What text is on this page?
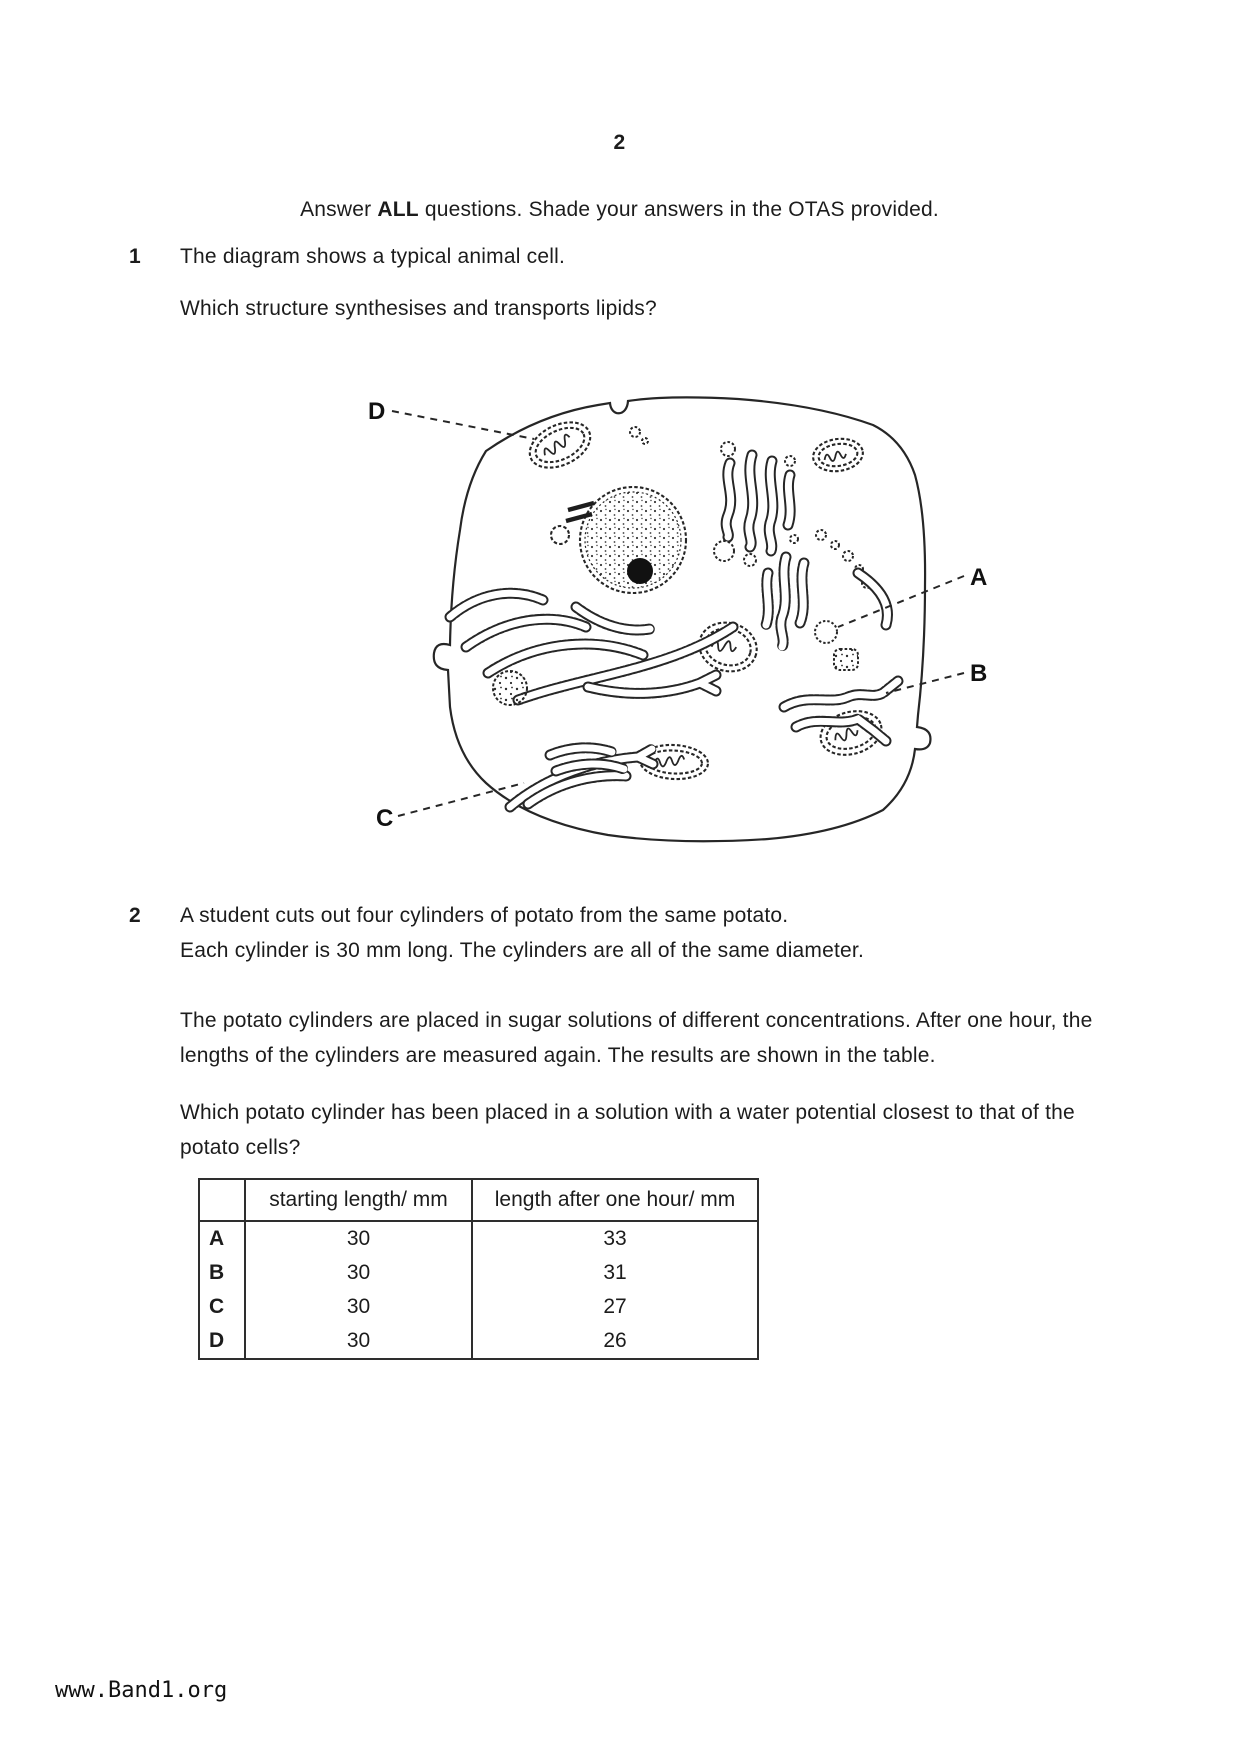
2
Answer ALL questions. Shade your answers in the OTAS provided.
1 The diagram shows a typical animal cell.
Which structure synthesises and transports lipids?
D
A
B
C
2 A student cuts out four cylinders of potato from the same potato.
Each cylinder is 30 mm long. The cylinders are all of the same diameter.
The potato cylinders are placed in sugar solutions of different concentrations. After one hour, the
lengths of the cylinders are measured again. The results are shown in the table.
Which potato cylinder has been placed in a solution with a water potential closest to that of the
potato cells?
	starting length/ mm	length after one hour/ mm
A	30	33
B	30	31
C	30	27
D	30	26
www.Band1.org
